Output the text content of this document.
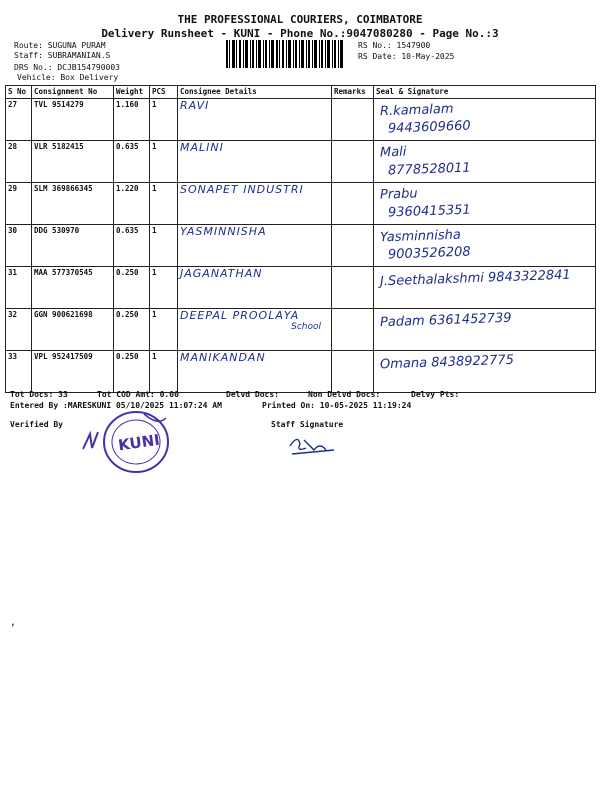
THE PROFESSIONAL COURIERS, COIMBATORE
Delivery Runsheet - KUNI - Phone No.:9047080280 - Page No.:3
Route: SUGUNA PURAM
Staff: SUBRAMANIAN.S
DRS No.: DCJB154790003
Vehicle: Box Delivery
RS No.: 1547900
RS Date: 10-May-2025
S No	Consignment No	Weight	PCS	Consignee Details	Remarks	Seal & Signature
27	TVL 9514279	1.160	1	RAVI		R.kamalam
9443609660

28	VLR 5182415	0.635	1	MALINI		Mali
8778528011

29	SLM 369866345	1.220	1	SONAPET INDUSTRI		Prabu
9360415351

30	DDG 530970	0.635	1	YASMINNISHA		Yasminnisha
9003526208

31	MAA 577370545	0.250	1	JAGANATHAN		J.Seethalakshmi 9843322841

32	GGN 900621698	0.250	1	DEEPAL PROOLAYA
School		Padam 6361452739

33	VPL 952417509	0.250	1	MANIKANDAN		Omana 8438922775
Tot Docs: 33	Tot COD Amt: 0.00	Delvd Docs:	Non Delvd Docs:	Delvy Pts:
Entered By :MARESKUNI 05/10/2025 11:07:24 AM	Printed On: 10-05-2025 11:19:24
Verified By	Staff Signature
KUNI
,
